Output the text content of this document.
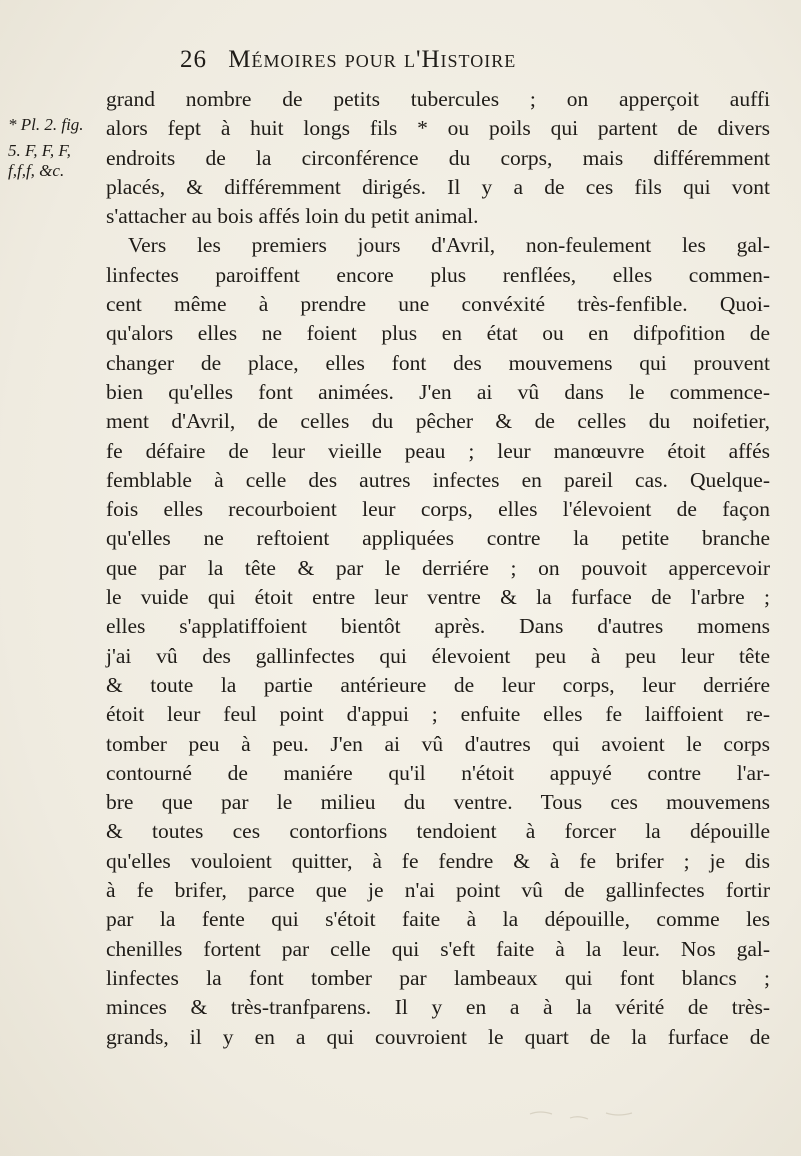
26 Mémoires pour l'Histoire
* Pl. 2. fig.
5. F, F, F,
f,f,f, &c.
grand nombre de petits tubercules ; on apperçoit auffi
alors fept à huit longs fils * ou poils qui partent de divers
endroits de la circonférence du corps, mais différemment
placés, & différemment dirigés. Il y a de ces fils qui vont
s'attacher au bois affés loin du petit animal.
Vers les premiers jours d'Avril, non-feulement les gal-
linfectes paroiffent encore plus renflées, elles commen-
cent même à prendre une convéxité très-fenfible. Quoi-
qu'alors elles ne foient plus en état ou en difpofition de
changer de place, elles font des mouvemens qui prouvent
bien qu'elles font animées. J'en ai vû dans le commence-
ment d'Avril, de celles du pêcher & de celles du noifetier,
fe défaire de leur vieille peau ; leur manœuvre étoit affés
femblable à celle des autres infectes en pareil cas. Quelque-
fois elles recourboient leur corps, elles l'élevoient de façon
qu'elles ne reftoient appliquées contre la petite branche
que par la tête & par le derriére ; on pouvoit appercevoir
le vuide qui étoit entre leur ventre & la furface de l'arbre ;
elles s'applatiffoient bientôt après. Dans d'autres momens
j'ai vû des gallinfectes qui élevoient peu à peu leur tête
& toute la partie antérieure de leur corps, leur derriére
étoit leur feul point d'appui ; enfuite elles fe laiffoient re-
tomber peu à peu. J'en ai vû d'autres qui avoient le corps
contourné de maniére qu'il n'étoit appuyé contre l'ar-
bre que par le milieu du ventre. Tous ces mouvemens
& toutes ces contorfions tendoient à forcer la dépouille
qu'elles vouloient quitter, à fe fendre & à fe brifer ; je dis
à fe brifer, parce que je n'ai point vû de gallinfectes fortir
par la fente qui s'étoit faite à la dépouille, comme les
chenilles fortent par celle qui s'eft faite à la leur. Nos gal-
linfectes la font tomber par lambeaux qui font blancs ;
minces & très-tranfparens. Il y en a à la vérité de très-
grands, il y en a qui couvroient le quart de la furface de
